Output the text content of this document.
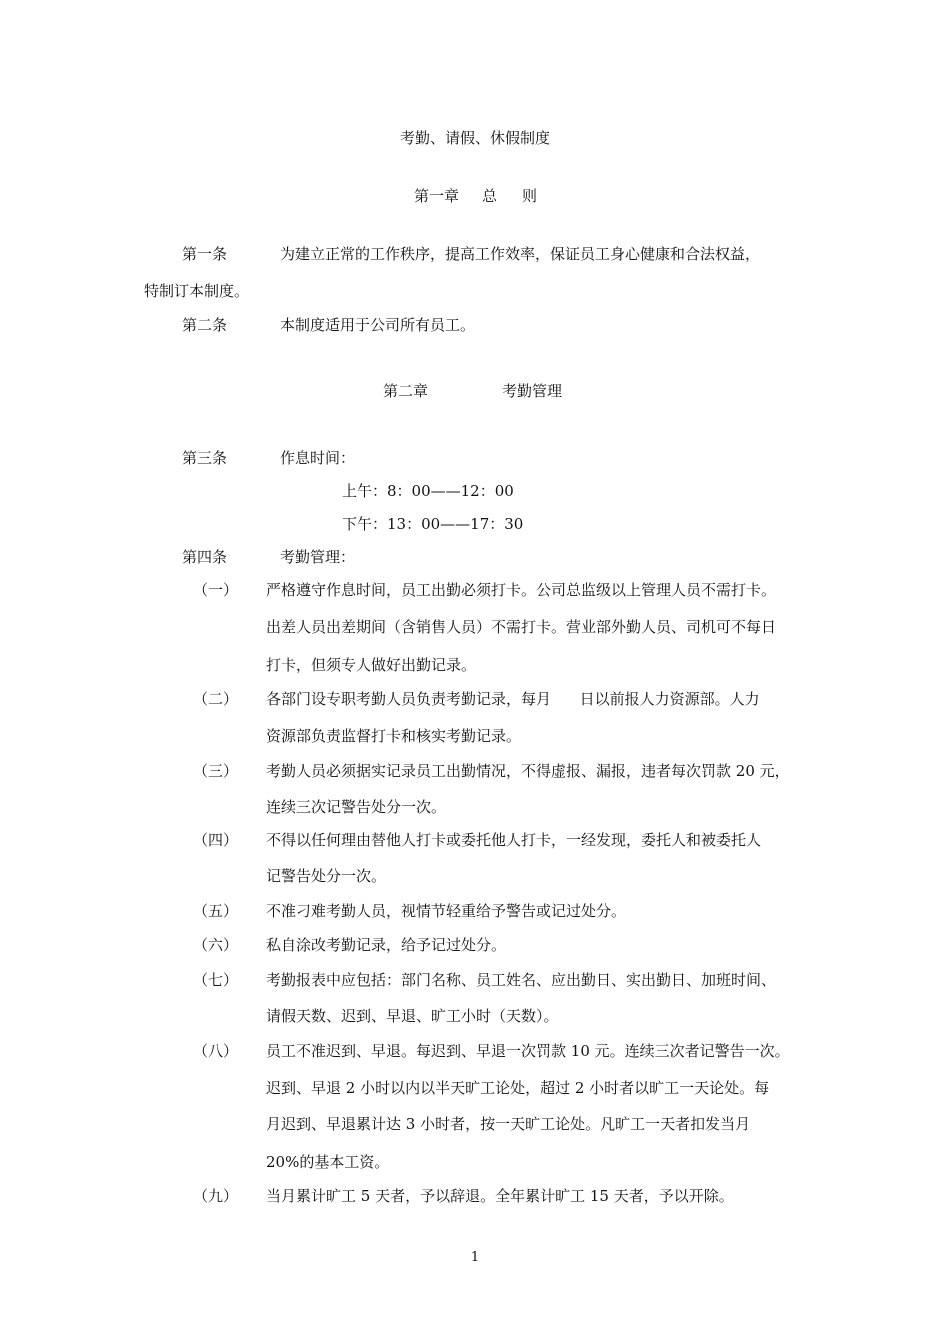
考勤、请假、休假制度
第一章 总 则
第一条	为建立正常的工作秩序，提高工作效率，保证员工身心健康和合法权益，
特制订本制度。
第二条	本制度适用于公司所有员工。
第二章	考勤管理
第三条	作息时间：
上午：8：00——12：00
下午：13：00——17：30
第四条	考勤管理：
（一） 严格遵守作息时间，员工出勤必须打卡。公司总监级以上管理人员不需打卡。
出差人员出差期间（含销售人员）不需打卡。营业部外勤人员、司机可不每日
打卡，但须专人做好出勤记录。
（二） 各部门设专职考勤人员负责考勤记录，每月      日以前报人力资源部。人力
资源部负责监督打卡和核实考勤记录。
（三） 考勤人员必须据实记录员工出勤情况，不得虚报、漏报，违者每次罚款 20 元，
连续三次记警告处分一次。
（四） 不得以任何理由替他人打卡或委托他人打卡，一经发现，委托人和被委托人
记警告处分一次。
（五） 不准刁难考勤人员，视情节轻重给予警告或记过处分。
（六） 私自涂改考勤记录，给予记过处分。
（七） 考勤报表中应包括：部门名称、员工姓名、应出勤日、实出勤日、加班时间、
请假天数、迟到、早退、旷工小时（天数）。
（八） 员工不准迟到、早退。每迟到、早退一次罚款 10 元。连续三次者记警告一次。
迟到、早退 2 小时以内以半天旷工论处，超过 2 小时者以旷工一天论处。每
月迟到、早退累计达 3 小时者，按一天旷工论处。凡旷工一天者扣发当月
20%的基本工资。
（九） 当月累计旷工 5 天者，予以辞退。全年累计旷工 15 天者，予以开除。
1
